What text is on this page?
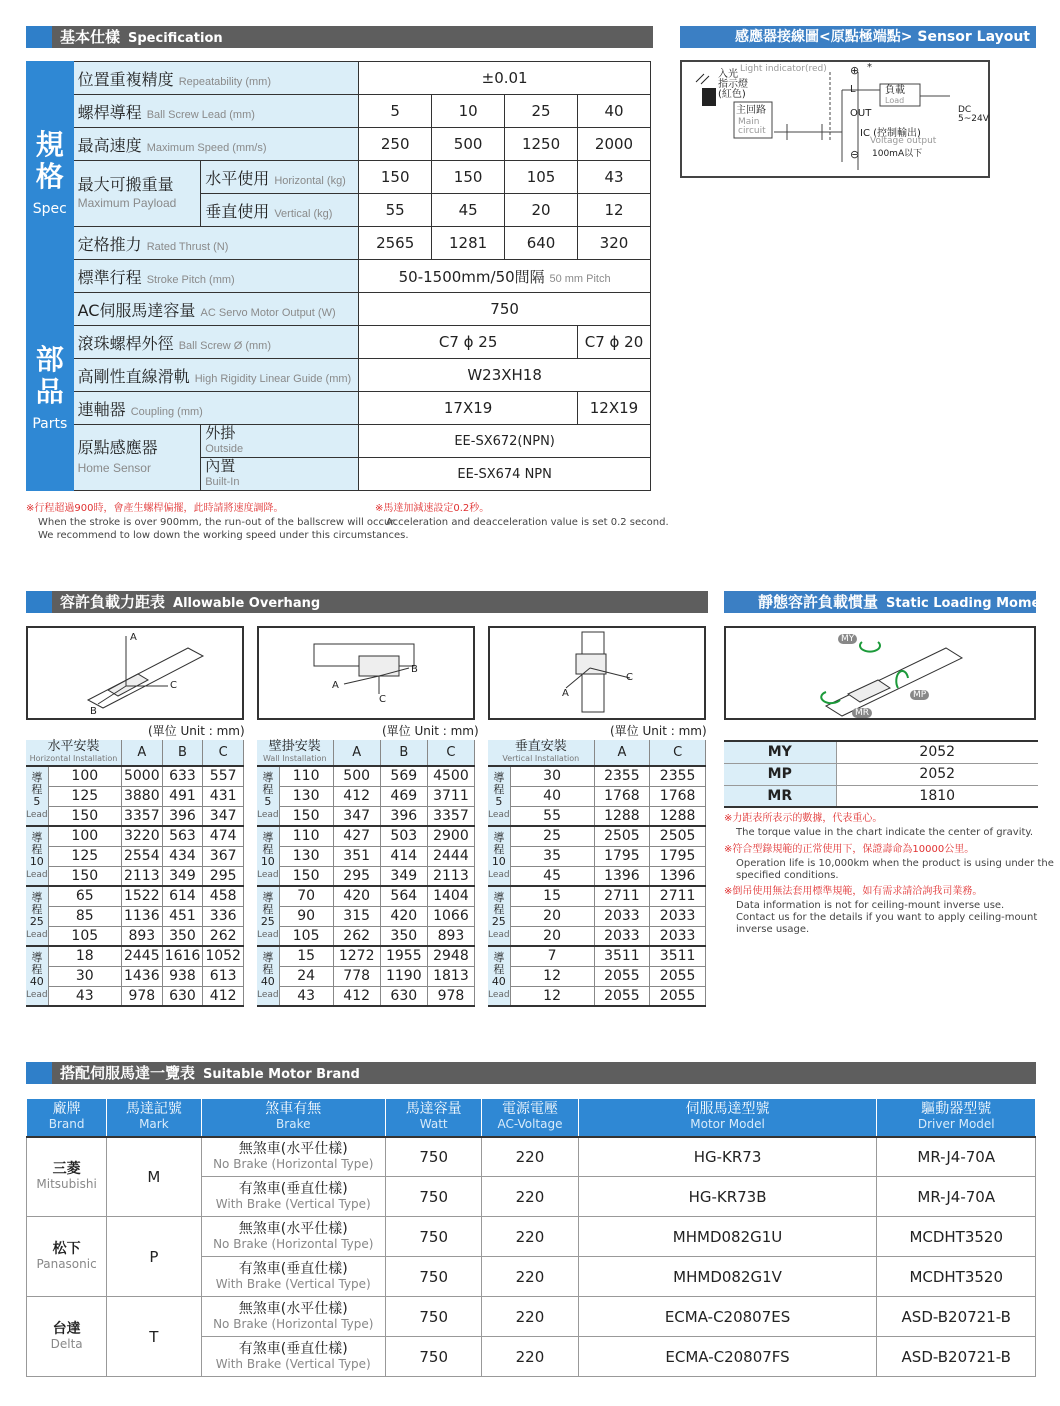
基本仕樣 Specification	感應器接線圖<原點極端點> Sensor Layout
規格
Spec	位置重複精度 Repeatability (mm)		±0.01			
	螺桿導程 Ball Screw Lead (mm)		5	10	25	40
	最高速度 Maximum Speed (mm/s)		250	500	1250	2000
	最大可搬重量
Maximum Payload	水平使用 Horizontal (kg)	150	150	105	43
		垂直使用 Vertical (kg)	55	45	20	12
	定格推力 Rated Thrust (N)		2565	1281	640	320
	標準行程 Stroke Pitch (mm)		50-1500mm/50間隔 50 mm Pitch			
部品
Parts	AC伺服馬達容量 AC Servo Motor Output (W)		750			
	滾珠螺桿外徑 Ball Screw Ø (mm)		C7 ϕ 25			C7 ϕ 20
	高剛性直線滑軌 High Rigidity Linear Guide (mm)		W23XH18			
	連軸器 Coupling (mm)		17X19			12X19
	原點感應器
Home Sensor	外掛
Outside	EE-SX672(NPN)			
		內置
Built-In	EE-SX674 NPN			
※行程超過900時，會產生螺桿偏擺，此時請將速度調降。
When the stroke is over 900mm, the run-out of the ballscrew will occur.
We recommend to low down the working speed under this circumstances.
※馬達加減速設定0.2秒。
Acceleration and deacceleration value is set 0.2 second.
Light indicator(red)
入光
指示燈
(紅色)
主回路
Main
circuit
⊕ *
L	負載
Load
OUT
IC (控制輸出)
Voltage output
100mA以下
⊖
DC
5~24V
容許負載力距表 Allowable Overhang	靜態容許負載慣量 Static Loading Moment
A
C
B
A
B
C
A
C
MY
MP
MR
(單位 Unit : mm)	(單位 Unit : mm)	(單位 Unit : mm)
水平安裝
Horizontal Installation		A	B	C
導程
5
Lead	100	5000	633	557
	125	3880	491	431
	150	3357	396	347
導程
10
Lead	100	3220	563	474
	125	2554	434	367
	150	2113	349	295
導程
25
Lead	65	1522	614	458
	85	1136	451	336
	105	893	350	262
導程
40
Lead	18	2445	1616	1052
	30	1436	938	613
	43	978	630	412
壁掛安裝
Wall Installation		A	B	C
導程
5
Lead	110	500	569	4500
	130	412	469	3711
	150	347	396	3357
導程
10
Lead	110	427	503	2900
	130	351	414	2444
	150	295	349	2113
導程
25
Lead	70	420	564	1404
	90	315	420	1066
	105	262	350	893
導程
40
Lead	15	1272	1955	2948
	24	778	1190	1813
	43	412	630	978
垂直安裝
Vertical Installation		A	C
導程
5
Lead	30	2355	2355
	40	1768	1768
	55	1288	1288
導程
10
Lead	25	2505	2505
	35	1795	1795
	45	1396	1396
導程
25
Lead	15	2711	2711
	20	2033	2033
	20	2033	2033
導程
40
Lead	7	3511	3511
	12	2055	2055
	12	2055	2055
MY	2052
MP	2052
MR	1810
※力距表所表示的數據，代表重心。
The torque value in the chart indicate the center of gravity.
※符合型錄規範的正常使用下，保證壽命為10000公里。
Operation life is 10,000km when the product is using under the
specified conditions.
※倒吊使用無法套用標準規範，如有需求請洽詢我司業務。
Data information is not for ceiling-mount inverse use.
Contact us for the details if you want to apply ceiling-mount
inverse usage.
搭配伺服馬達一覽表 Suitable Motor Brand
廠牌
Brand	馬達記號
Mark	煞車有無
Brake	馬達容量
Watt	電源電壓
AC-Voltage	伺服馬達型號
Motor Model	驅動器型號
Driver Model

三菱
Mitsubishi	M	無煞車(水平仕樣)
No Brake (Horizontal Type)	750	220	HG-KR73	MR-J4-70A
		有煞車(垂直仕樣)
With Brake (Vertical Type)	750	220	HG-KR73B	MR-J4-70A
松下
Panasonic	P	無煞車(水平仕樣)
No Brake (Horizontal Type)	750	220	MHMD082G1U	MCDHT3520
		有煞車(垂直仕樣)
With Brake (Vertical Type)	750	220	MHMD082G1V	MCDHT3520
台達
Delta	T	無煞車(水平仕樣)
No Brake (Horizontal Type)	750	220	ECMA-C20807ES	ASD-B20721-B
		有煞車(垂直仕樣)
With Brake (Vertical Type)	750	220	ECMA-C20807FS	ASD-B20721-B
